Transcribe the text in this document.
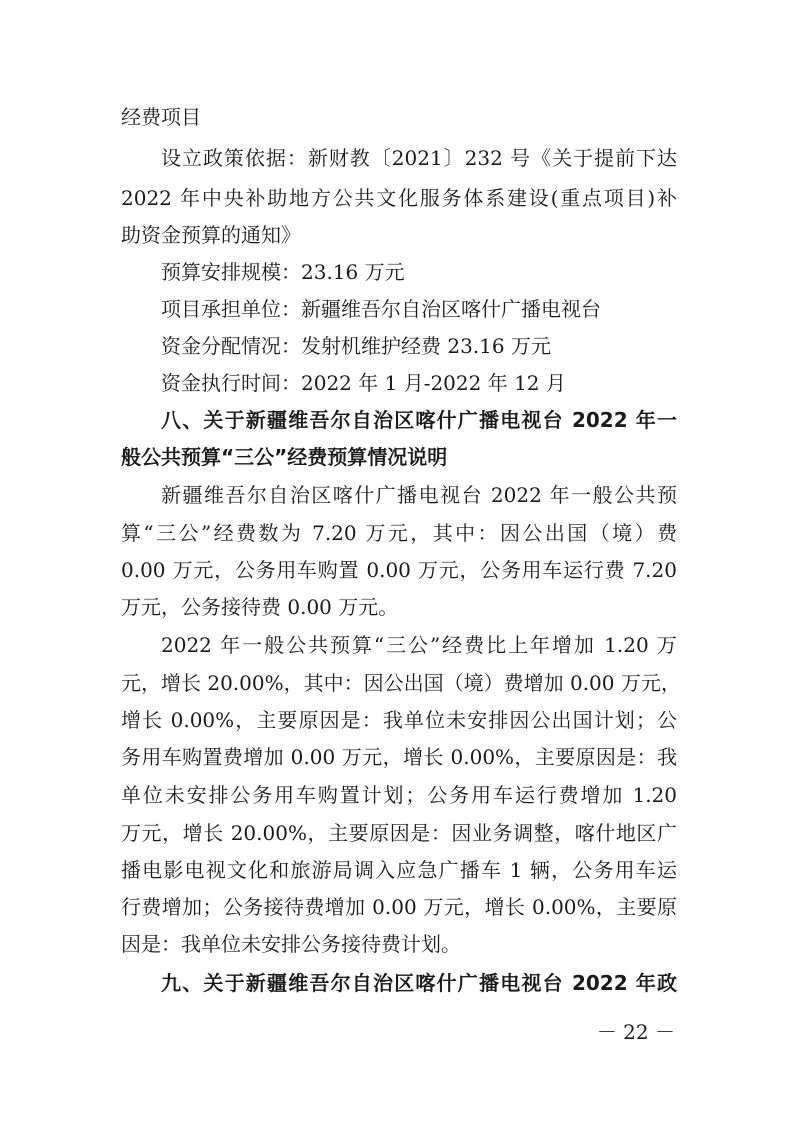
经费项目
设立政策依据：新财教〔2021〕232 号《关于提前下达
2022 年中央补助地方公共文化服务体系建设(重点项目)补
助资金预算的通知》
预算安排规模：23.16 万元
项目承担单位：新疆维吾尔自治区喀什广播电视台
资金分配情况：发射机维护经费 23.16 万元
资金执行时间：2022 年 1 月-2022 年 12 月
八、关于新疆维吾尔自治区喀什广播电视台 2022 年一
般公共预算“三公”经费预算情况说明
新疆维吾尔自治区喀什广播电视台 2022 年一般公共预
算“三公”经费数为 7.20 万元，其中：因公出国（境）费
0.00 万元，公务用车购置 0.00 万元，公务用车运行费 7.20
万元，公务接待费 0.00 万元。
2022 年一般公共预算“三公”经费比上年增加 1.20 万
元，增长 20.00%，其中：因公出国（境）费增加 0.00 万元，
增长 0.00%，主要原因是：我单位未安排因公出国计划；公
务用车购置费增加 0.00 万元，增长 0.00%，主要原因是：我
单位未安排公务用车购置计划；公务用车运行费增加 1.20
万元，增长 20.00%，主要原因是：因业务调整，喀什地区广
播电影电视文化和旅游局调入应急广播车 1 辆，公务用车运
行费增加；公务接待费增加 0.00 万元，增长 0.00%，主要原
因是：我单位未安排公务接待费计划。
九、关于新疆维吾尔自治区喀什广播电视台 2022 年政
－ 22 －
